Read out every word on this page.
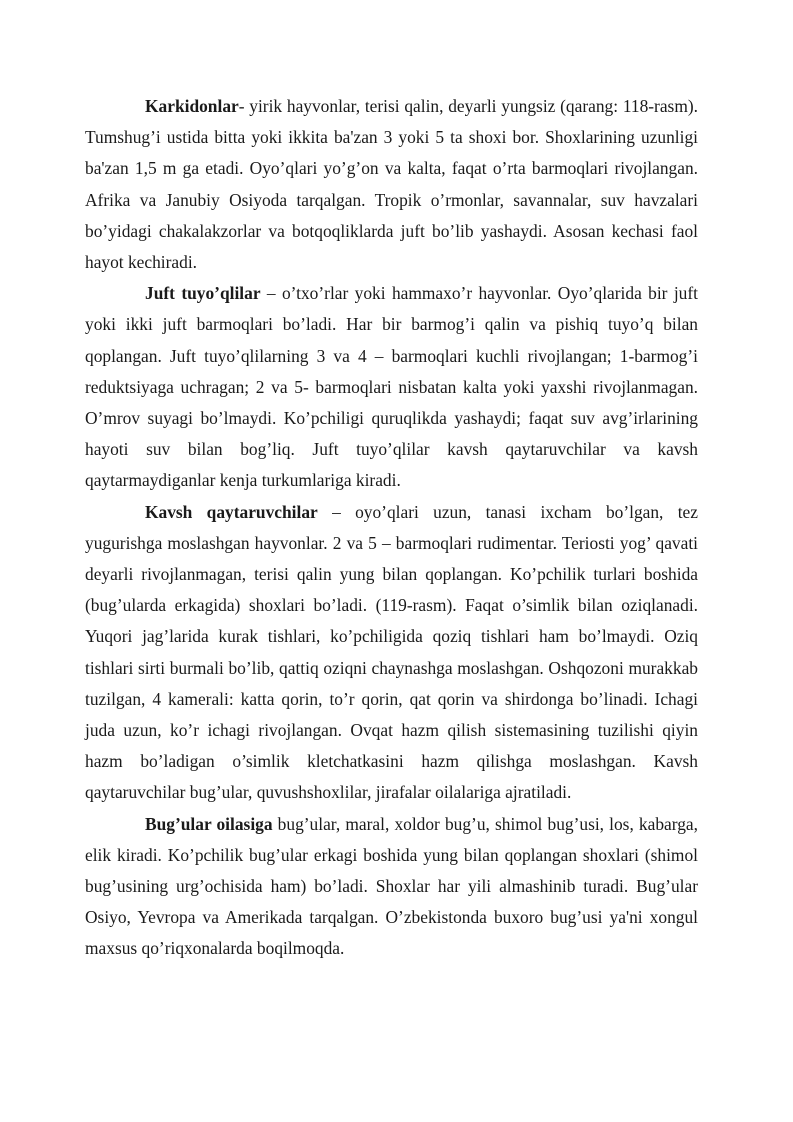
Karkidonlar- yirik hayvonlar, terisi qalin, deyarli yungsiz (qarang: 118-rasm). Tumshug’i ustida bitta yoki ikkita ba'zan 3 yoki 5 ta shoxi bor. Shoxlarining uzunligi ba'zan 1,5 m ga etadi. Oyo’qlari yo’g’on va kalta, faqat o’rta barmoqlari rivojlangan. Afrika va Janubiy Osiyoda tarqalgan. Tropik o’rmonlar, savannalar, suv havzalari bo’yidagi chakalakzorlar va botqoqliklarda juft bo’lib yashaydi. Asosan kechasi faol hayot kechiradi.

Juft tuyo’qlilar – o’txo’rlar yoki hammaxo’r hayvonlar. Oyo’qlarida bir juft yoki ikki juft barmoqlari bo’ladi. Har bir barmog’i qalin va pishiq tuyo’q bilan qoplangan. Juft tuyo’qlilarning 3 va 4 – barmoqlari kuchli rivojlangan; 1-barmog’i reduktsiyaga uchragan; 2 va 5- barmoqlari nisbatan kalta yoki yaxshi rivojlanmagan. O’mrov suyagi bo’lmaydi. Ko’pchiligi quruqlikda yashaydi; faqat suv avg’irlarining hayoti suv bilan bog’liq. Juft tuyo’qlilar kavsh qaytaruvchilar va kavsh qaytarmaydiganlar kenja turkumlariga kiradi.

Kavsh qaytaruvchilar – oyo’qlari uzun, tanasi ixcham bo’lgan, tez yugurishga moslashgan hayvonlar. 2 va 5 – barmoqlari rudimentar. Teriosti yog’ qavati deyarli rivojlanmagan, terisi qalin yung bilan qoplangan. Ko’pchilik turlari boshida (bug’ularda erkagida) shoxlari bo’ladi. (119-rasm). Faqat o’simlik bilan oziqlanadi. Yuqori jag’larida kurak tishlari, ko’pchiligida qoziq tishlari ham bo’lmaydi. Oziq tishlari sirti burmali bo’lib, qattiq oziqni chaynashga moslashgan. Oshqozoni murakkab tuzilgan, 4 kamerali: katta qorin, to’r qorin, qat qorin va shirdonga bo’linadi. Ichagi juda uzun, ko’r ichagi rivojlangan. Ovqat hazm qilish sistemasining tuzilishi qiyin hazm bo’ladigan o’simlik kletchatkasini hazm qilishga moslashgan. Kavsh qaytaruvchilar bug’ular, quvushshoxlilar, jirafalar oilalariga ajratiladi.

Bug’ular oilasiga bug’ular, maral, xoldor bug’u, shimol bug’usi, los, kabarga, elik kiradi. Ko’pchilik bug’ular erkagi boshida yung bilan qoplangan shoxlari (shimol bug’usining urg’ochisida ham) bo’ladi. Shoxlar har yili almashinib turadi. Bug’ular Osiyo, Yevropa va Amerikada tarqalgan. O’zbekistonda buxoro bug’usi ya'ni xongul maxsus qo’riqxonalarda boqilmoqda.
